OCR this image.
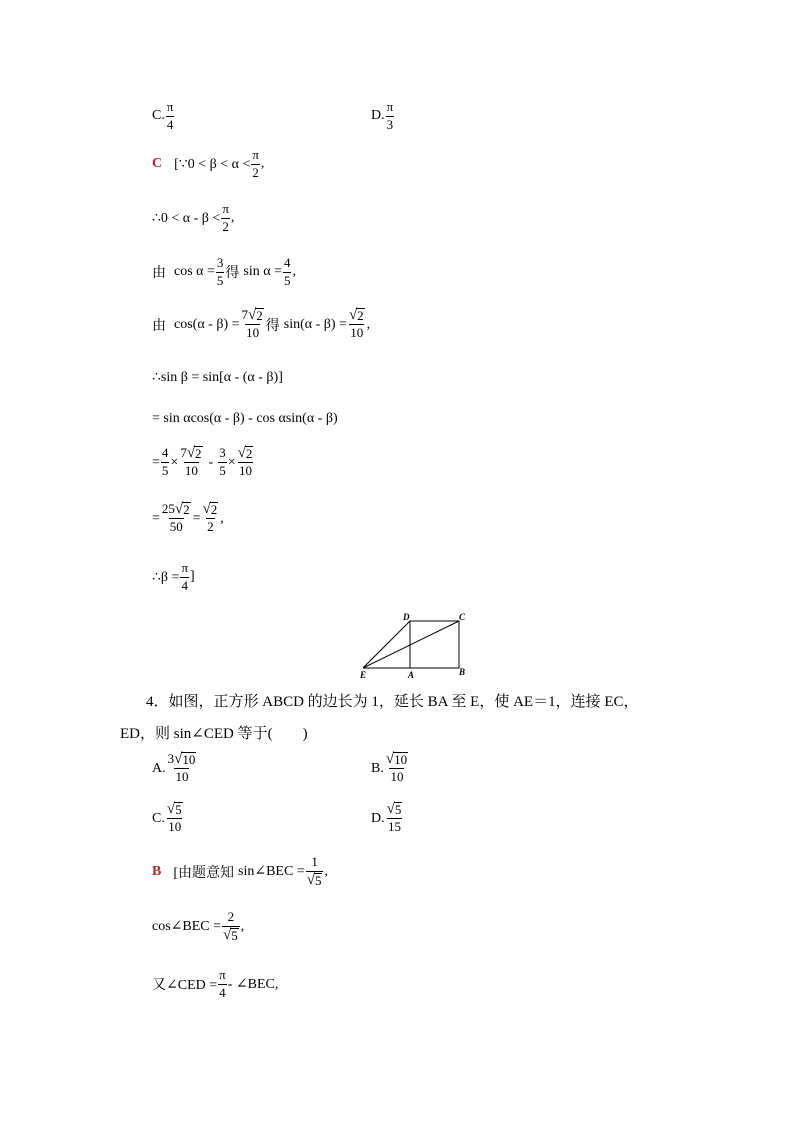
C. $\frac{\pi}{4}$	D. $\frac{\pi}{3}$
C [∵0 < $\beta < \alpha < \frac{\pi}{2}$ ,
∴0 < $\alpha - \beta < \frac{\pi}{2}$ ,
由 $\cos \alpha = \frac{3}{5}$ 得 $\sin \alpha = \frac{4}{5}$ ,
由 $\cos(\alpha - \beta) = \frac{7 √ 2}{10}$ 得 $\sin(\alpha - \beta) = \frac{√ 2}{10}$ ,
∴sin β = sin[α - (α - β)]
= sin αcos(α - β) - cos αsin(α - β)
= $\frac{4}{5} \times \frac{7 √ 2}{10} - \frac{3}{5} \times \frac{√ 2}{10}$
= $\frac{25 √ 2}{50} = \frac{√ 2}{2}$ ,
∴β = $\frac{\pi}{4}$ ]
D	C
E	A	B
4．如图，正方形 ABCD 的边长为 1，延长 BA 至 E，使 AE＝1，连接 EC，
ED，则 sin∠CED 等于(　　)
A. $\frac{3 √ 10}{10}$	B. $\frac{√ 10}{10}$
C. $\frac{√ 5}{10}$	D. $\frac{√ 5}{15}$
B [由题意知 sin∠BEC = $\frac{1}{√ 5}$ ,
cos∠BEC = $\frac{2}{√ 5}$ ,
又∠CED = $\frac{\pi}{4}$ - ∠BEC,
